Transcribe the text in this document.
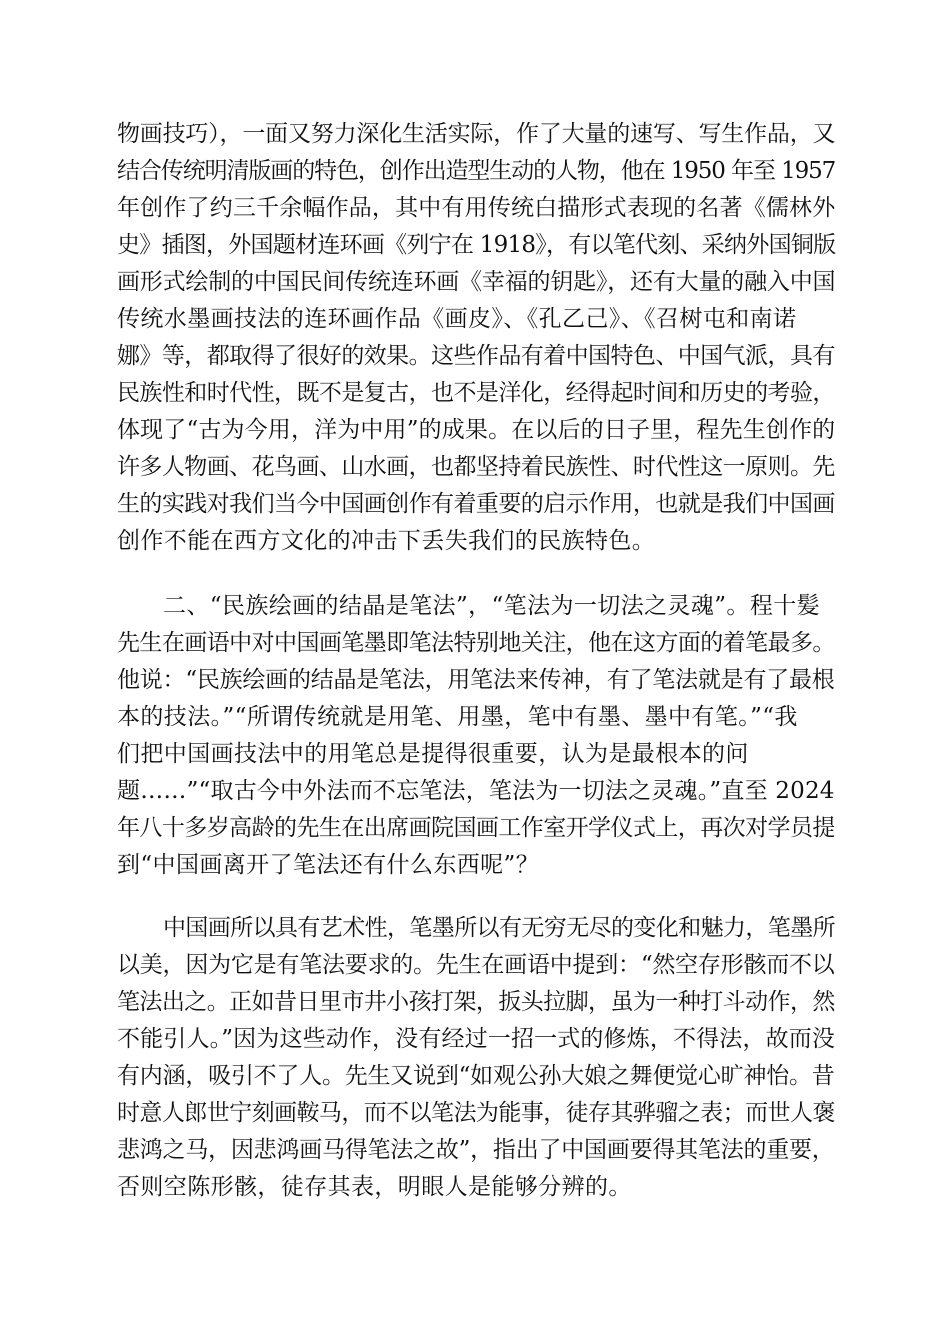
物画技巧），一面又努力深化生活实际，作了大量的速写、写生作品，又
结合传统明清版画的特色，创作出造型生动的人物，他在 1950 年至 1957
年创作了约三千余幅作品，其中有用传统白描形式表现的名著《儒林外
史》插图，外国题材连环画《列宁在 1918》，有以笔代刻、采纳外国铜版
画形式绘制的中国民间传统连环画《幸福的钥匙》，还有大量的融入中国
传统水墨画技法的连环画作品《画皮》、《孔乙己》、《召树屯和南诺
娜》等，都取得了很好的效果。这些作品有着中国特色、中国气派，具有
民族性和时代性，既不是复古，也不是洋化，经得起时间和历史的考验，
体现了“古为今用，洋为中用”的成果。在以后的日子里，程先生创作的
许多人物画、花鸟画、山水画，也都坚持着民族性、时代性这一原则。先
生的实践对我们当今中国画创作有着重要的启示作用，也就是我们中国画
创作不能在西方文化的冲击下丢失我们的民族特色。
二、“民族绘画的结晶是笔法”，“笔法为一切法之灵魂”。程十髪
先生在画语中对中国画笔墨即笔法特别地关注，他在这方面的着笔最多。
他说：“民族绘画的结晶是笔法，用笔法来传神，有了笔法就是有了最根
本的技法。”“所谓传统就是用笔、用墨，笔中有墨、墨中有笔。”“我
们把中国画技法中的用笔总是提得很重要，认为是最根本的问
题……”“取古今中外法而不忘笔法，笔法为一切法之灵魂。”直至 2024
年八十多岁高龄的先生在出席画院国画工作室开学仪式上，再次对学员提
到“中国画离开了笔法还有什么东西呢”？
中国画所以具有艺术性，笔墨所以有无穷无尽的变化和魅力，笔墨所
以美，因为它是有笔法要求的。先生在画语中提到：“然空存形骸而不以
笔法出之。正如昔日里市井小孩打架，扳头拉脚，虽为一种打斗动作，然
不能引人。”因为这些动作，没有经过一招一式的修炼，不得法，故而没
有内涵，吸引不了人。先生又说到“如观公孙大娘之舞便觉心旷神怡。昔
时意人郎世宁刻画鞍马，而不以笔法为能事，徒存其骅骝之表；而世人褒
悲鸿之马，因悲鸿画马得笔法之故”，指出了中国画要得其笔法的重要，
否则空陈形骸，徒存其表，明眼人是能够分辨的。
